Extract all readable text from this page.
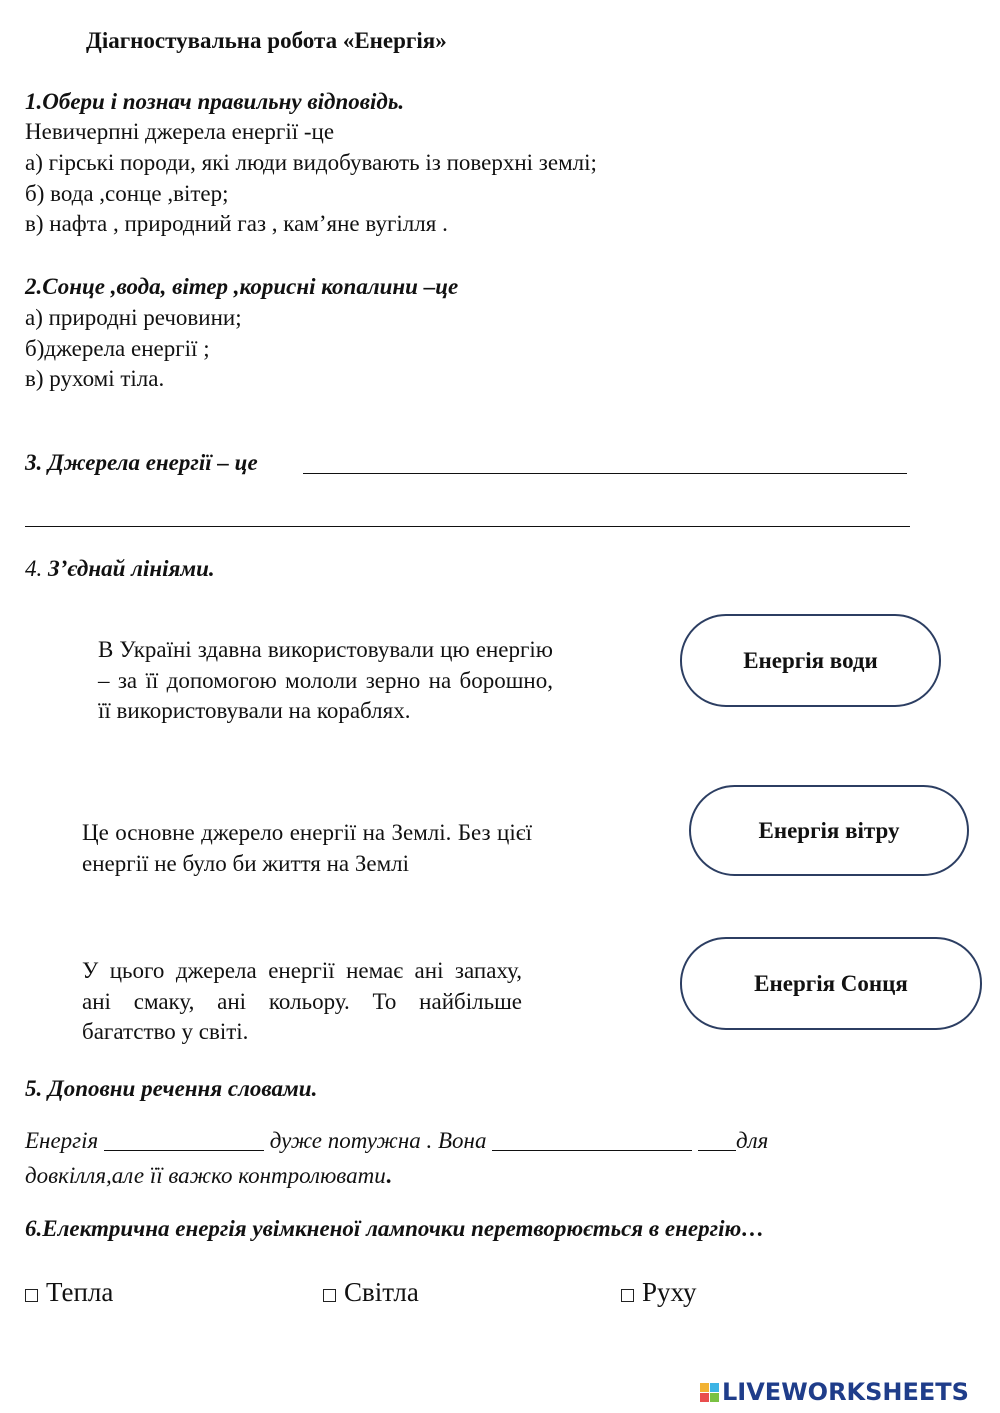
Діагностувальна робота «Енергія»
1.Обери і познач правильну відповідь.
Невичерпні джерела енергії -це
а) гірські породи, які люди видобувають із поверхні землі;
б) вода ,сонце ,вітер;
в) нафта , природний газ , кам’яне вугілля .
2.Сонце ,вода, вітер ,корисні копалини –це
а) природні речовини;
б)джерела енергії ;
в) рухомі тіла.
3. Джерела енергії – це
4. З’єднай лініями.
В Україні здавна використовували цю енергію – за її допомогою мололи зерно на борошно, її використовували на кораблях.
Це основне джерело енергії на Землі. Без цієї енергії не було би життя на Землі
У цього джерела енергії немає ані запаху, ані смаку, ані кольору. То найбільше багатство у світі.
Енергія води
Енергія вітру
Енергія Сонця
5. Доповни речення словами.
Енергія	дуже потужна . Вона	для
довкілля,але її важко контролювати.
6.Електрична енергія увімкненої лампочки перетворюється в енергію…
Тепла	Світла	Руху
LIVEWORKSHEETS
